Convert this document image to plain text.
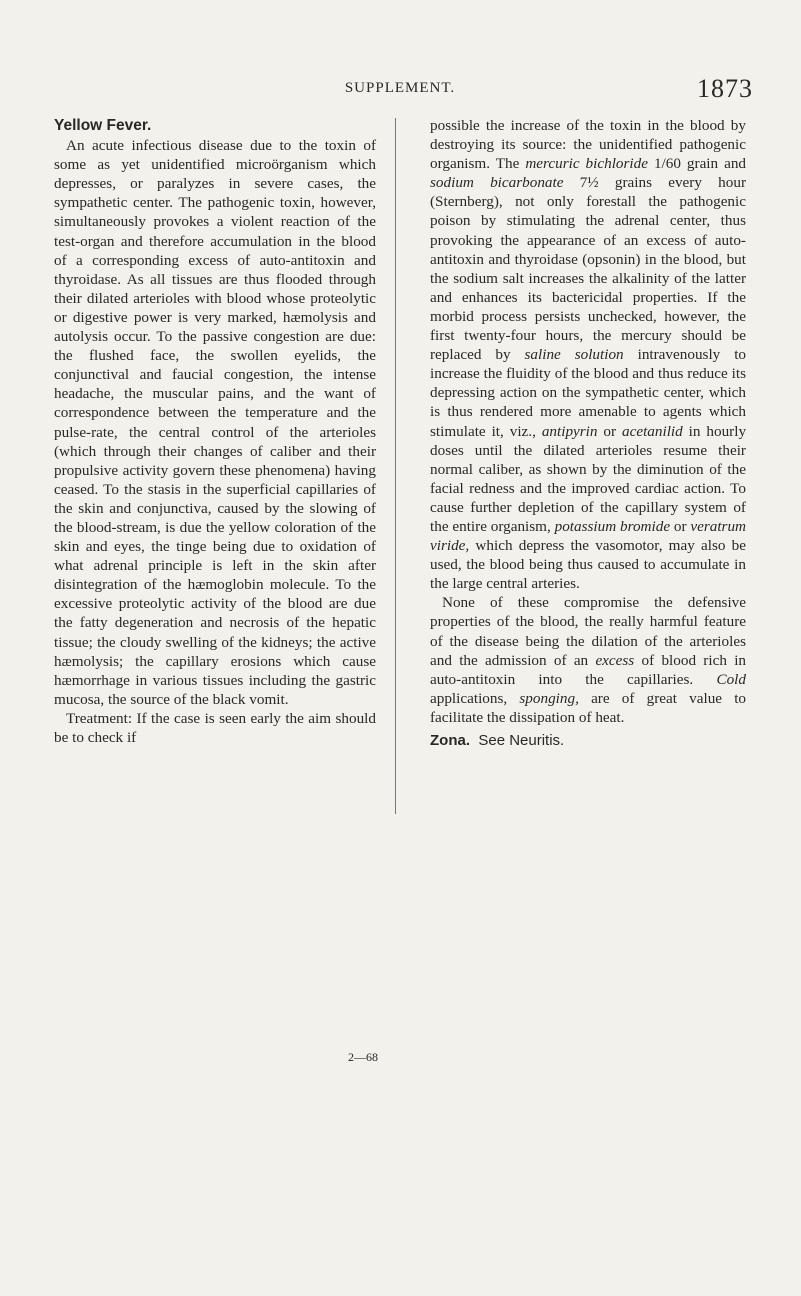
SUPPLEMENT.	1873
Yellow Fever.

An acute infectious disease due to the toxin of some as yet unidentified microörganism which depresses, or paralyzes in severe cases, the sympathetic center. The pathogenic toxin, however, simultaneously provokes a violent reaction of the test-organ and therefore accumulation in the blood of a corresponding excess of auto-antitoxin and thyroidase. As all tissues are thus flooded through their dilated arterioles with blood whose proteolytic or digestive power is very marked, hæmolysis and autolysis occur. To the passive congestion are due: the flushed face, the swollen eyelids, the conjunctival and faucial congestion, the intense headache, the muscular pains, and the want of correspondence between the temperature and the pulse-rate, the central control of the arterioles (which through their changes of caliber and their propulsive activity govern these phenomena) having ceased. To the stasis in the superficial capillaries of the skin and conjunctiva, caused by the slowing of the blood-stream, is due the yellow coloration of the skin and eyes, the tinge being due to oxidation of what adrenal principle is left in the skin after disintegration of the hæmoglobin molecule. To the excessive proteolytic activity of the blood are due the fatty degeneration and necrosis of the hepatic tissue; the cloudy swelling of the kidneys; the active hæmolysis; the capillary erosions which cause hæmorrhage in various tissues including the gastric mucosa, the source of the black vomit.

Treatment: If the case is seen early the aim should be to check if

possible the increase of the toxin in the blood by destroying its source: the unidentified pathogenic organism. The mercuric bichloride 1/60 grain and sodium bicarbonate 7½ grains every hour (Sternberg), not only forestall the pathogenic poison by stimulating the adrenal center, thus provoking the appearance of an excess of auto-antitoxin and thyroidase (opsonin) in the blood, but the sodium salt increases the alkalinity of the latter and enhances its bactericidal properties. If the morbid process persists unchecked, however, the first twenty-four hours, the mercury should be replaced by saline solution intravenously to increase the fluidity of the blood and thus reduce its depressing action on the sympathetic center, which is thus rendered more amenable to agents which stimulate it, viz., antipyrin or acetanilid in hourly doses until the dilated arterioles resume their normal caliber, as shown by the diminution of the facial redness and the improved cardiac action. To cause further depletion of the capillary system of the entire organism, potassium bromide or veratrum viride, which depress the vasomotor, may also be used, the blood being thus caused to accumulate in the large central arteries.

None of these compromise the defensive properties of the blood, the really harmful feature of the disease being the dilation of the arterioles and the admission of an excess of blood rich in auto-antitoxin into the capillaries. Cold applications, sponging, are of great value to facilitate the dissipation of heat.

Zona. See Neuritis.
2—68
